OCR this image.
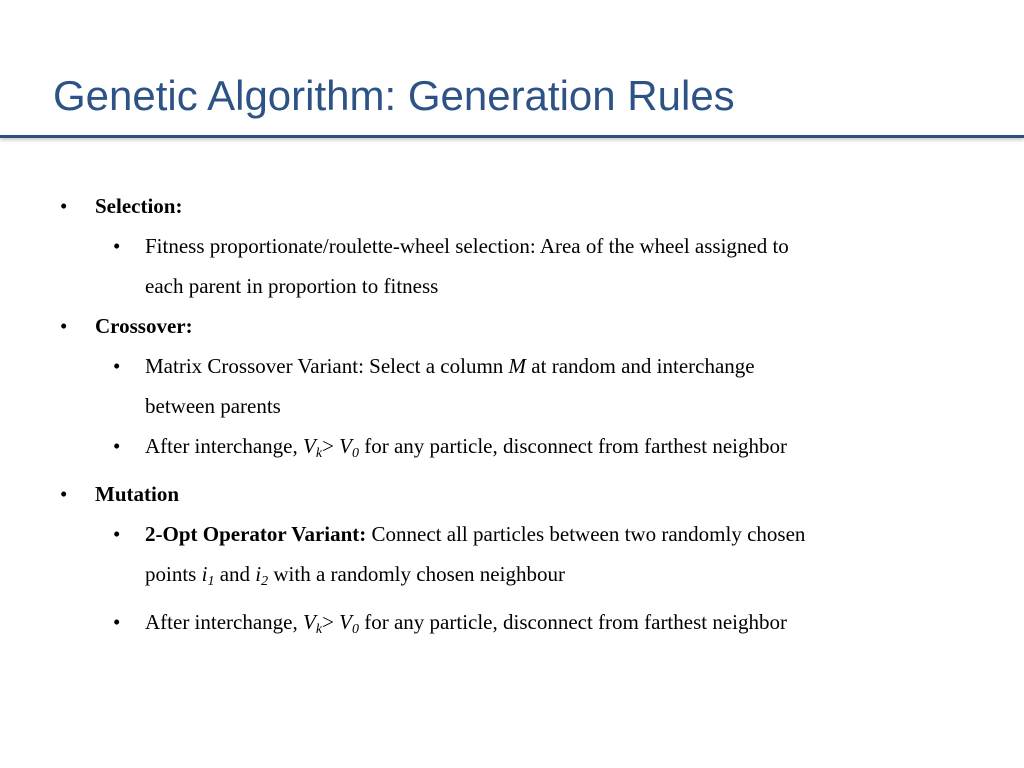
Genetic Algorithm: Generation Rules
• Selection:
• Fitness proportionate/roulette-wheel selection: Area of the wheel assigned to
each parent in proportion to fitness
• Crossover:
• Matrix Crossover Variant: Select a column M at random and interchange
between parents
• After interchange, $V_k> V_0$ for any particle, disconnect from farthest neighbor
• Mutation
• 2-Opt Operator Variant: Connect all particles between two randomly chosen
points $i_1$ and $i_2$ with a randomly chosen neighbour
• After interchange, $V_k> V_0$ for any particle, disconnect from farthest neighbor
